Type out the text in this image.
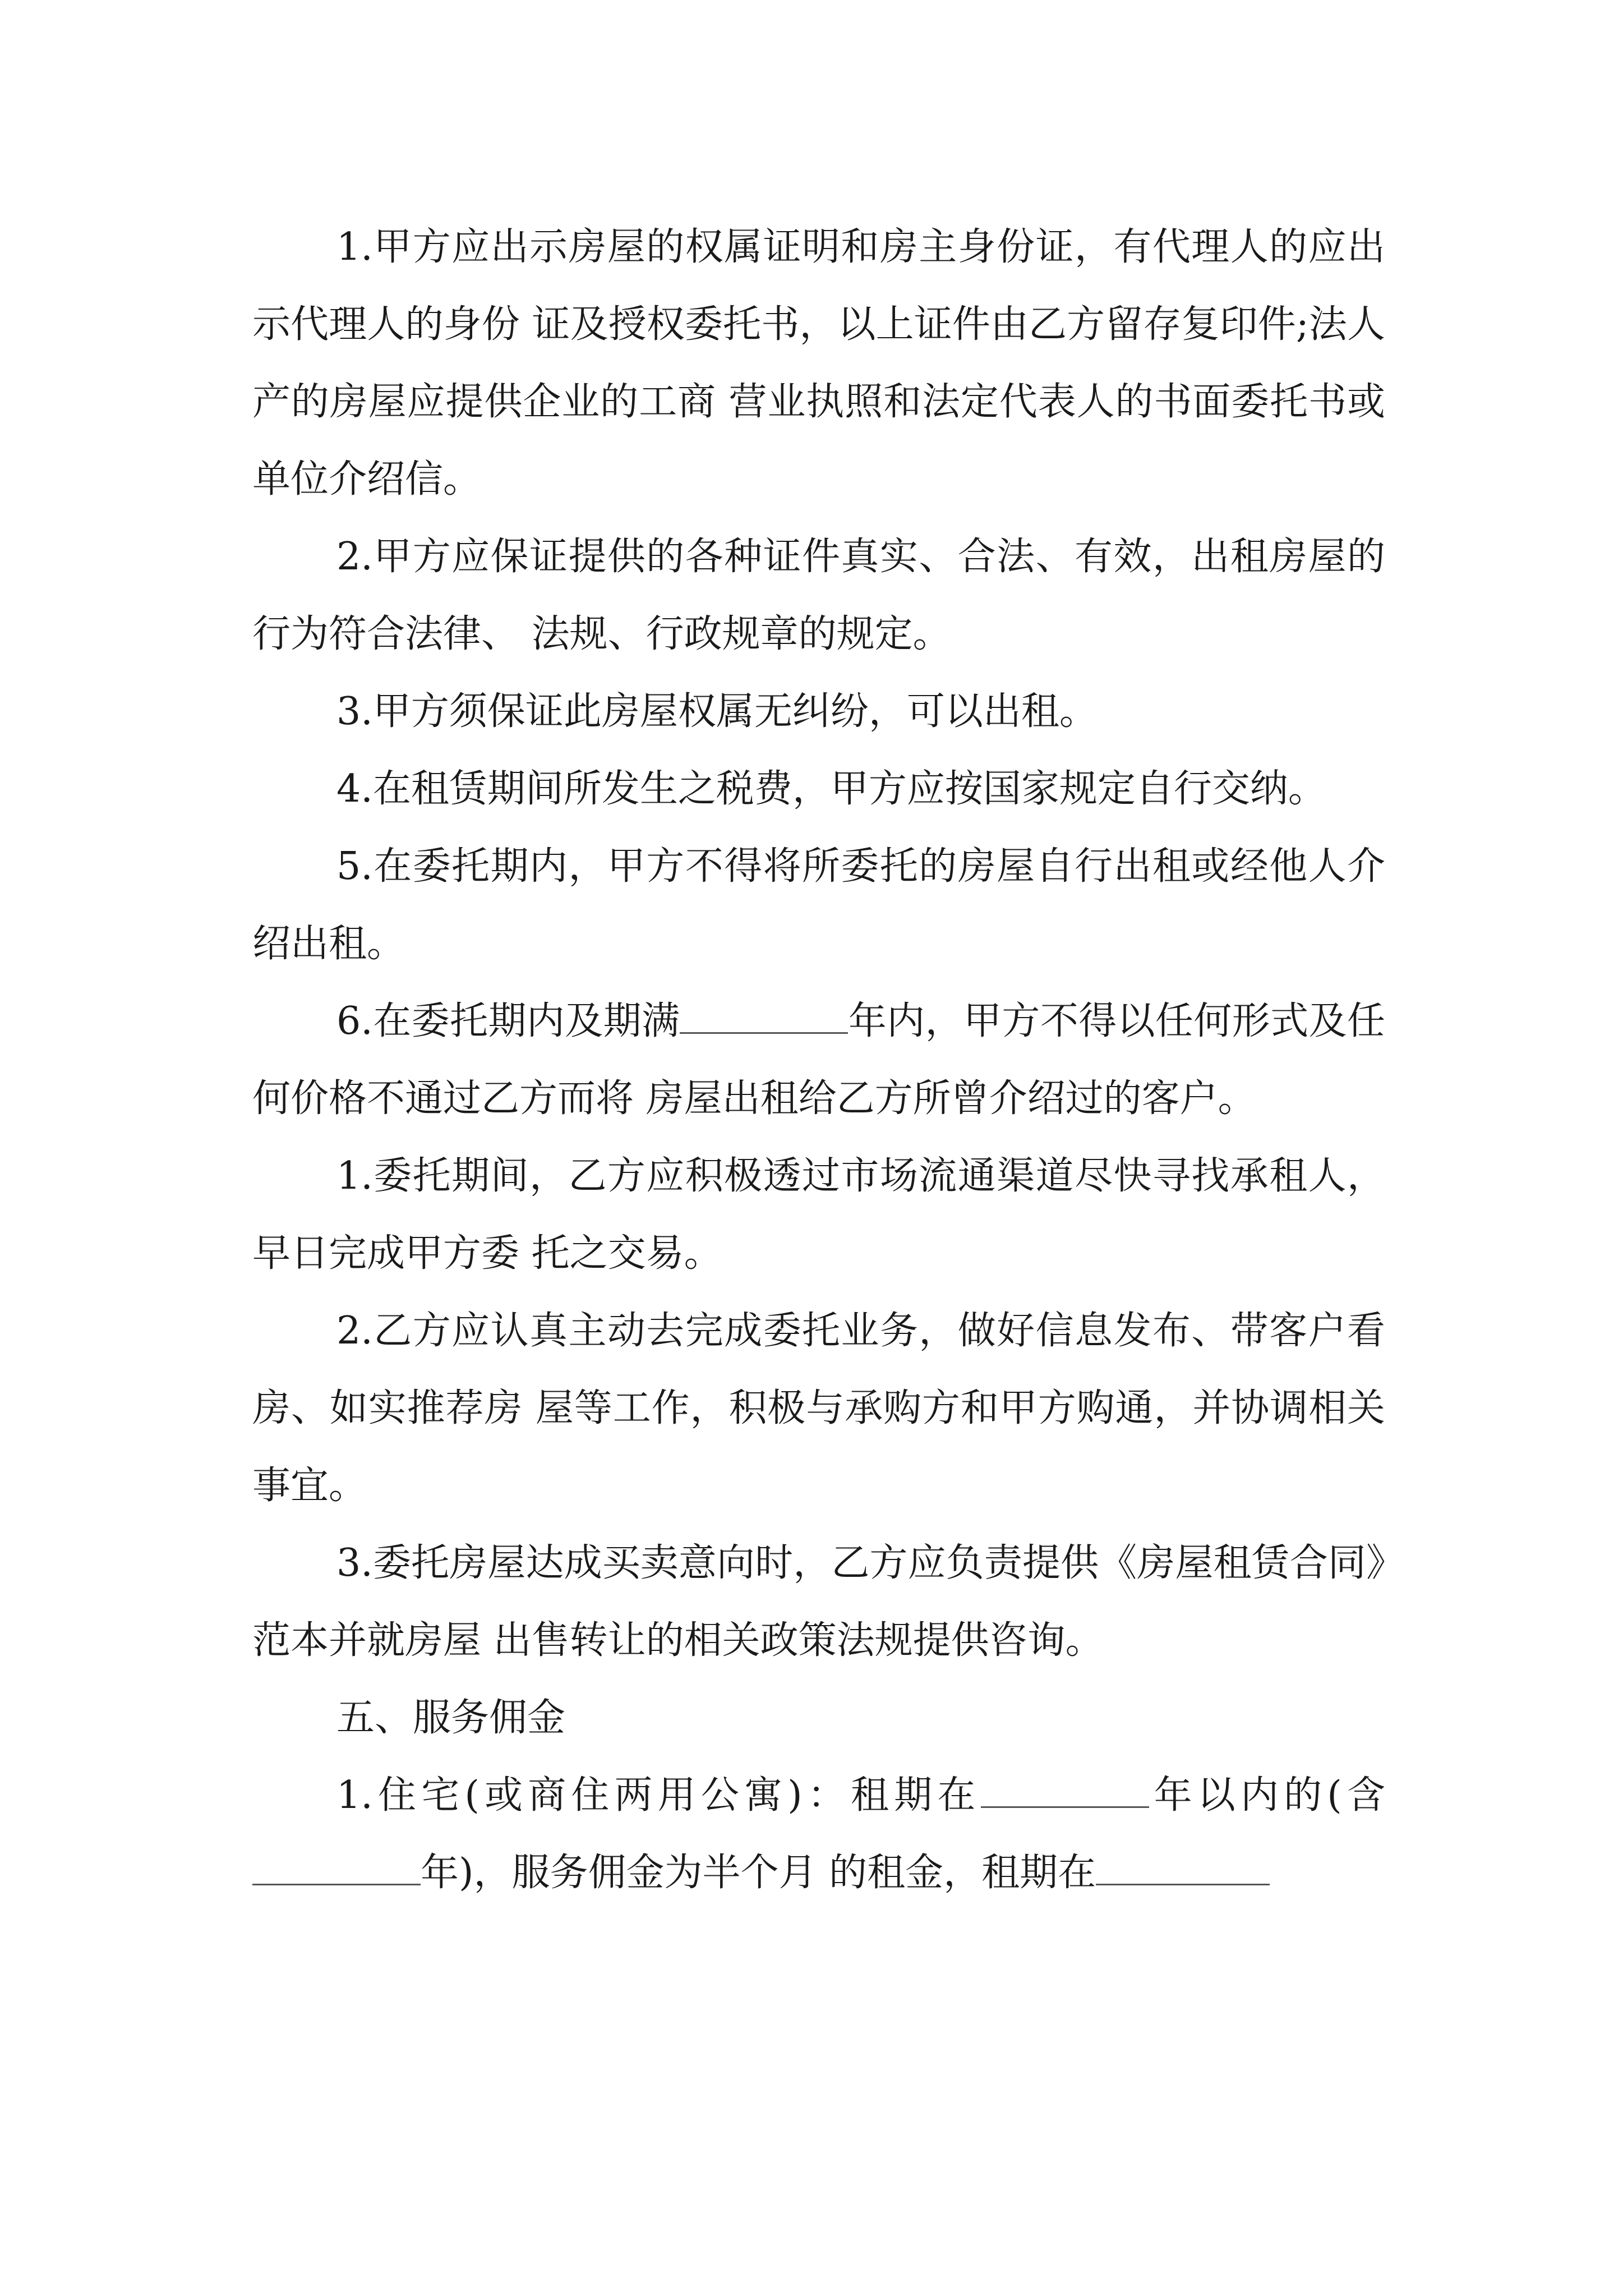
1.甲方应出示房屋的权属证明和房主身份证，有代理人的应出示代理人的身份 证及授权委托书，以上证件由乙方留存复印件;法人产的房屋应提供企业的工商 营业执照和法定代表人的书面委托书或单位介绍信。

2.甲方应保证提供的各种证件真实、合法、有效，出租房屋的行为符合法律、 法规、行政规章的规定。

3.甲方须保证此房屋权属无纠纷，可以出租。

4.在租赁期间所发生之税费，甲方应按国家规定自行交纳。

5.在委托期内，甲方不得将所委托的房屋自行出租或经他人介绍出租。

6.在委托期内及期满	年内，甲方不得以任何形式及任何价格不通过乙方而将 房屋出租给乙方所曾介绍过的客户。

1.委托期间，乙方应积极透过市场流通渠道尽快寻找承租人，早日完成甲方委 托之交易。

2.乙方应认真主动去完成委托业务，做好信息发布、带客户看房、如实推荐房 屋等工作，积极与承购方和甲方购通，并协调相关事宜。

3.委托房屋达成买卖意向时，乙方应负责提供《房屋租赁合同》范本并就房屋 出售转让的相关政策法规提供咨询。

五、服务佣金

1.住宅(或商住两用公寓)：租期在	年以内的(含年)，服务佣金为半个月 的租金，租期在
